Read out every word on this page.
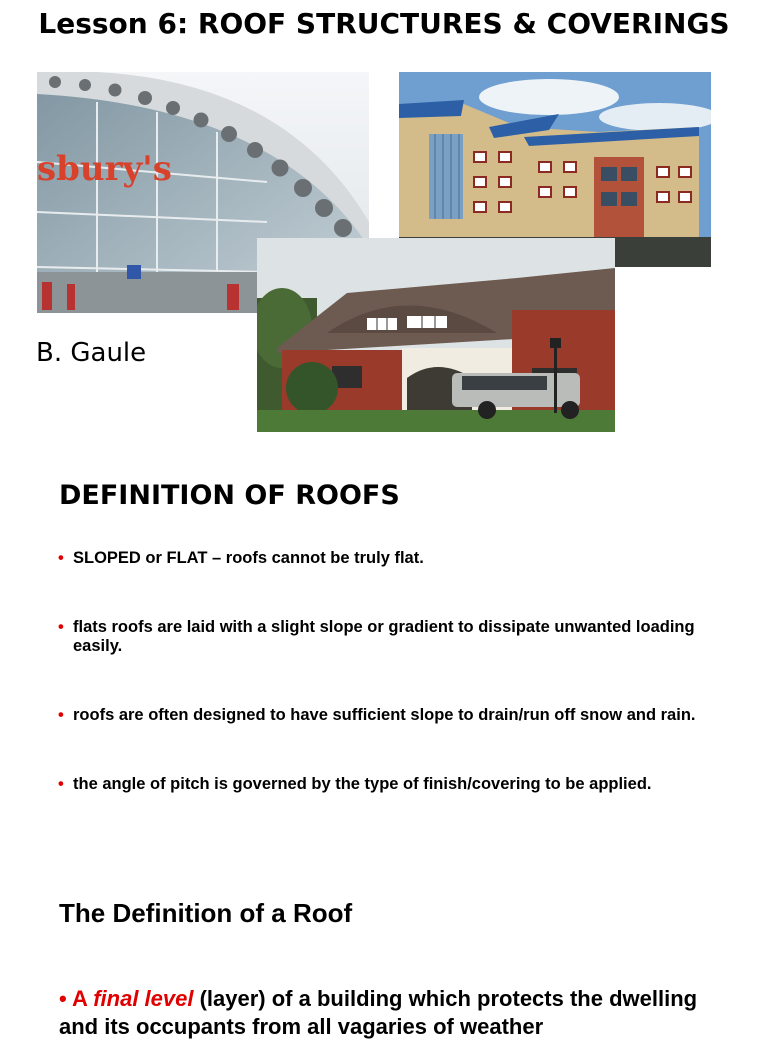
Lesson 6: ROOF STRUCTURES & COVERINGS
sbury's
B. Gaule
DEFINITION OF ROOFS
• SLOPED or FLAT – roofs cannot be truly flat.
• flats roofs are laid with a slight slope or gradient to dissipate unwanted loading easily.
• roofs are often designed to have sufficient slope to drain/run off snow and rain.
• the angle of pitch is governed by the type of finish/covering to be applied.
The Definition of a Roof
• A final level (layer) of a building which protects the dwelling and its occupants from all vagaries of weather
